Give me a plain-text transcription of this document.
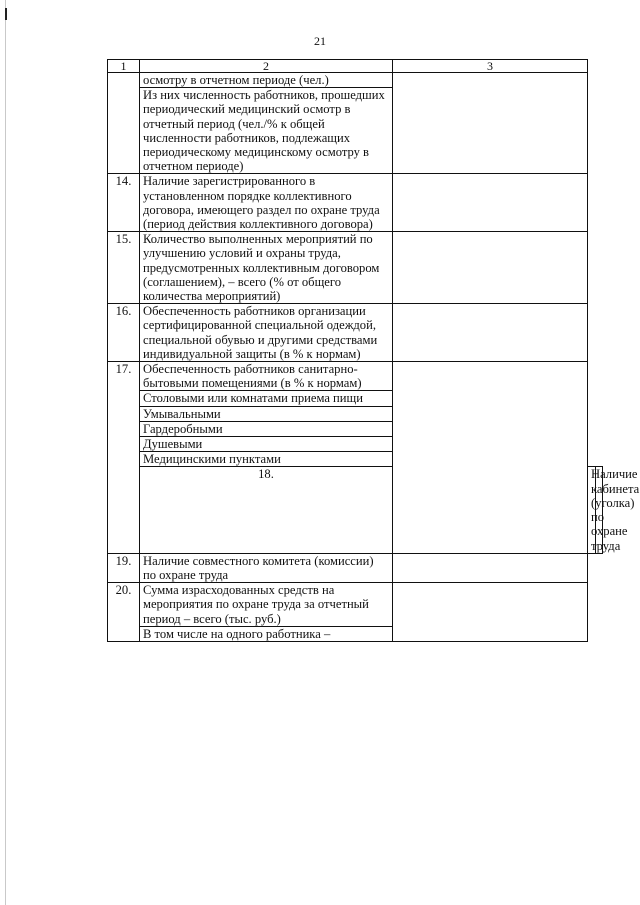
21
1	2	3		
	осмотру в отчетном периоде (чел.)			
	Из них численность работников, прошедших периодический медицинский осмотр в отчетный период (чел./% к общей численности работников, подлежащих периодическому медицинскому осмотру в отчетном периоде)			
14.	Наличие зарегистрированного в установленном порядке коллективного договора, имеющего раздел по охране труда (период действия коллективного договора)			
15.	Количество выполненных мероприятий по улучшению условий и охраны труда, предусмотренных коллективным договором (соглашением), – всего (% от общего количества мероприятий)			
16.	Обеспеченность работников организации сертифицированной специальной одеждой, специальной обувью и другими средствами индивидуальной защиты (в % к нормам)			
17.	Обеспеченность работников санитарно-бытовыми помещениями (в % к нормам)			
	Столовыми или комнатами приема пищи			
	Умывальными			
	Гардеробными			
	Душевыми			
	Медицинскими пунктами			
	18.		Наличие кабинета (уголка) по охране труда	
19.	Наличие совместного комитета (комиссии) по охране труда			
20.	Сумма израсходованных средств на мероприятия по охране труда за отчетный период – всего (тыс. руб.)			
	В том числе на одного работника –			
